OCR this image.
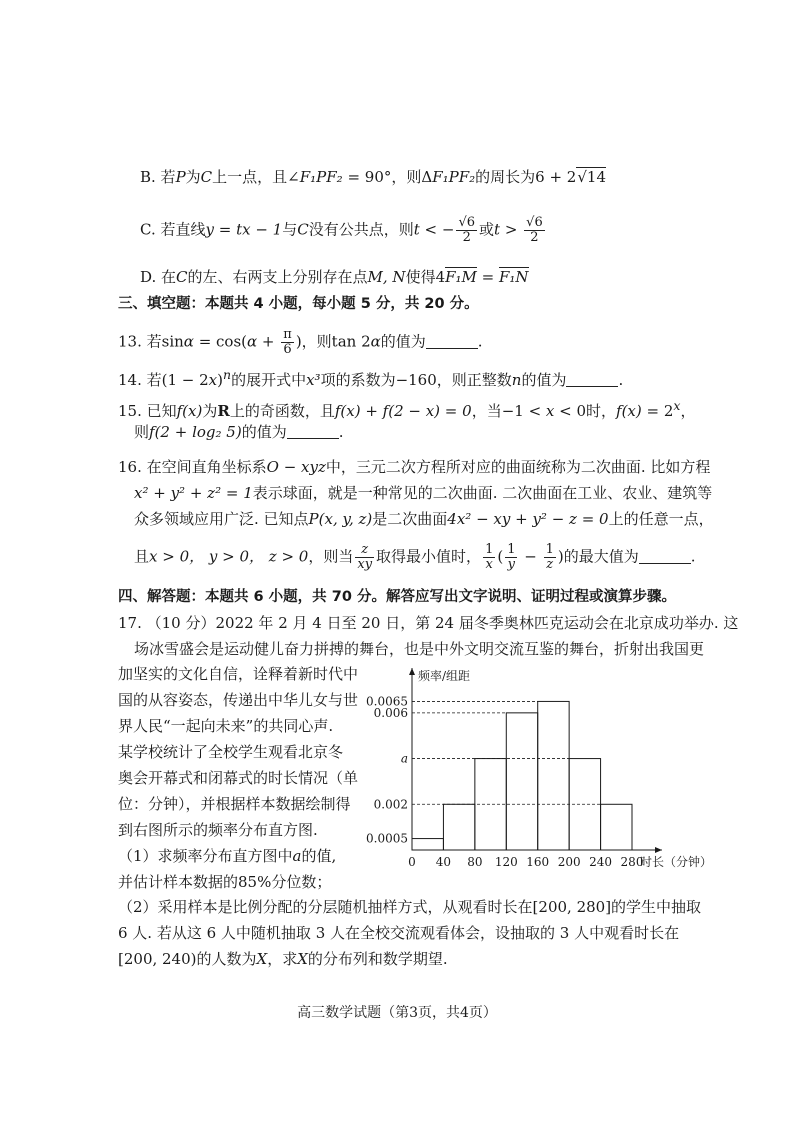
B. 若P为C上一点，且∠F₁PF₂ = 90°，则ΔF₁PF₂的周长为6 + 2√14
C. 若直线y = tx − 1与C没有公共点，则t < − $\frac{√6}{2}$ 或$t > \frac{√6}{2}$
D. 在C的左、右两支上分别存在点M, N使得4F₁M = F₁N
三、填空题：本题共 4 小题，每小题 5 分，共 20 分。
13. 若$\sin\alpha = \cos(\alpha + \frac{\pi}{6}$ )，则tan 2α的值为	.
14. 若$(1 - 2x)^n$的展开式中x³项的系数为−160，则正整数n的值为	.
15. 已知f(x)为R上的奇函数，且f(x) + f(2 − x) = 0，当−1 < x < 0时，$f(x) = 2^x$，
则f(2 + log₂ 5)的值为	.
16. 在空间直角坐标系O − xyz中，三元二次方程所对应的曲面统称为二次曲面. 比如方程
x² + y² + z² = 1表示球面，就是一种常见的二次曲面. 二次曲面在工业、农业、建筑等
众多领域应用广泛. 已知点P(x, y, z)是二次曲面4x² − xy + y² − z = 0上的任意一点，
且x > 0， y > 0， z > 0，则当 $\frac{z}{xy}$ 取得最小值时， $\frac{1}{x}$ ( $\frac{1}{y} - \frac{1}{z}$ )的最大值为	.
四、解答题：本题共 6 小题，共 70 分。解答应写出文字说明、证明过程或演算步骤。
17. （10 分）2022 年 2 月 4 日至 20 日，第 24 届冬季奥林匹克运动会在北京成功举办. 这
场冰雪盛会是运动健儿奋力拼搏的舞台，也是中外文明交流互鉴的舞台，折射出我国更
加坚实的文化自信，诠释着新时代中
国的从容姿态，传递出中华儿女与世
界人民“一起向未来”的共同心声.
某学校统计了全校学生观看北京冬
奥会开幕式和闭幕式的时长情况（单
位：分钟），并根据样本数据绘制得
到右图所示的频率分布直方图.
（1）求频率分布直方图中a的值,
并估计样本数据的85%分位数；
（2）采用样本是比例分配的分层随机抽样方式，从观看时长在[200, 280]的学生中抽取
6 人. 若从这 6 人中随机抽取 3 人在全校交流观看体会，设抽取的 3 人中观看时长在
[200, 240)的人数为X，求X的分布列和数学期望.
0.0005
0.002
a
0.006
0.0065
0 40 80 120 160 200 240 280
频率/组距
时长（分钟）
高三数学试题（第3页，共4页）
